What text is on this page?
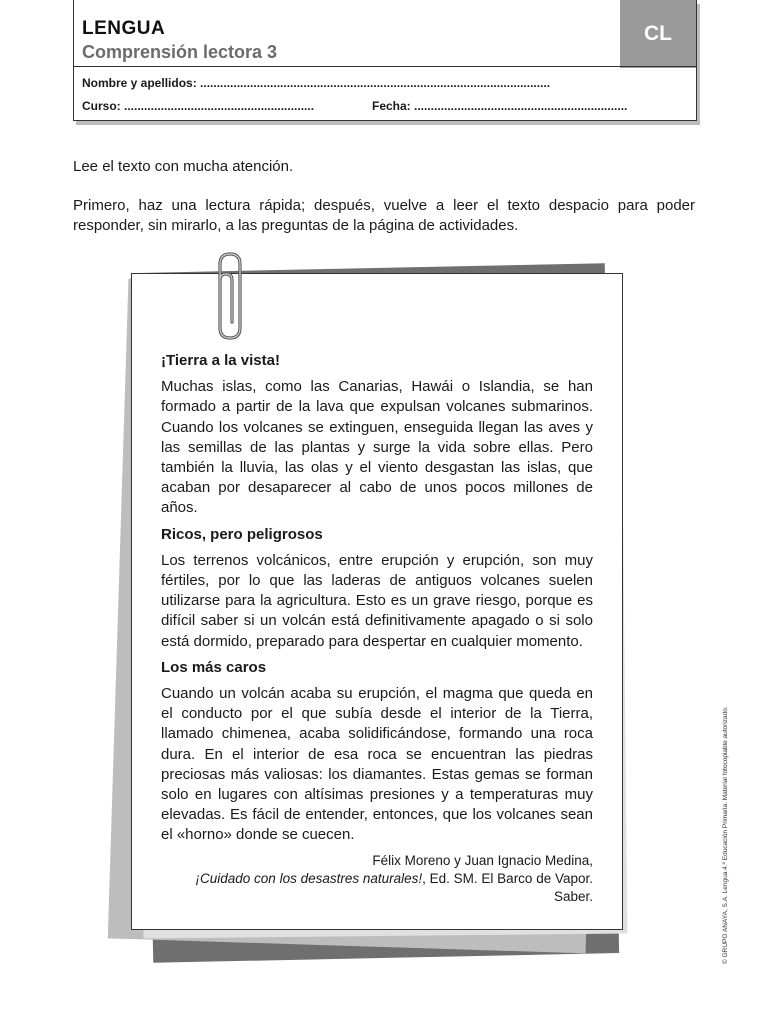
LENGUA
Comprensión lectora 3
CL
Nombre y apellidos: .........................................................................................................
Curso: .........................................................	Fecha: ................................................................
Lee el texto con mucha atención.
Primero, haz una lectura rápida; después, vuelve a leer el texto despacio para poder responder, sin mirarlo, a las preguntas de la página de actividades.
¡Tierra a la vista!

Muchas islas, como las Canarias, Hawái o Islandia, se han formado a partir de la lava que expulsan volcanes submarinos. Cuando los volcanes se extinguen, enseguida llegan las aves y las semillas de las plantas y surge la vida sobre ellas. Pero también la lluvia, las olas y el viento desgastan las islas, que acaban por desaparecer al cabo de unos pocos millones de años.

Ricos, pero peligrosos

Los terrenos volcánicos, entre erupción y erupción, son muy fértiles, por lo que las laderas de antiguos volcanes suelen utilizarse para la agricultura. Esto es un grave riesgo, porque es difícil saber si un volcán está definitivamente apagado o si solo está dormido, preparado para despertar en cualquier momento.

Los más caros

Cuando un volcán acaba su erupción, el magma que queda en el conducto por el que subía desde el interior de la Tierra, llamado chimenea, acaba solidificándose, formando una roca dura. En el interior de esa roca se encuentran las piedras preciosas más valiosas: los diamantes. Estas gemas se forman solo en lugares con altísimas presiones y a temperaturas muy elevadas. Es fácil de entender, entonces, que los volcanes sean el «horno» donde se cuecen.

Félix Moreno y Juan Ignacio Medina,
¡Cuidado con los desastres naturales!, Ed. SM. El Barco de Vapor. Saber.	© GRUPO ANAYA, S.A. Lengua 4.º Educación Primaria. Material fotocopiable autorizado.
